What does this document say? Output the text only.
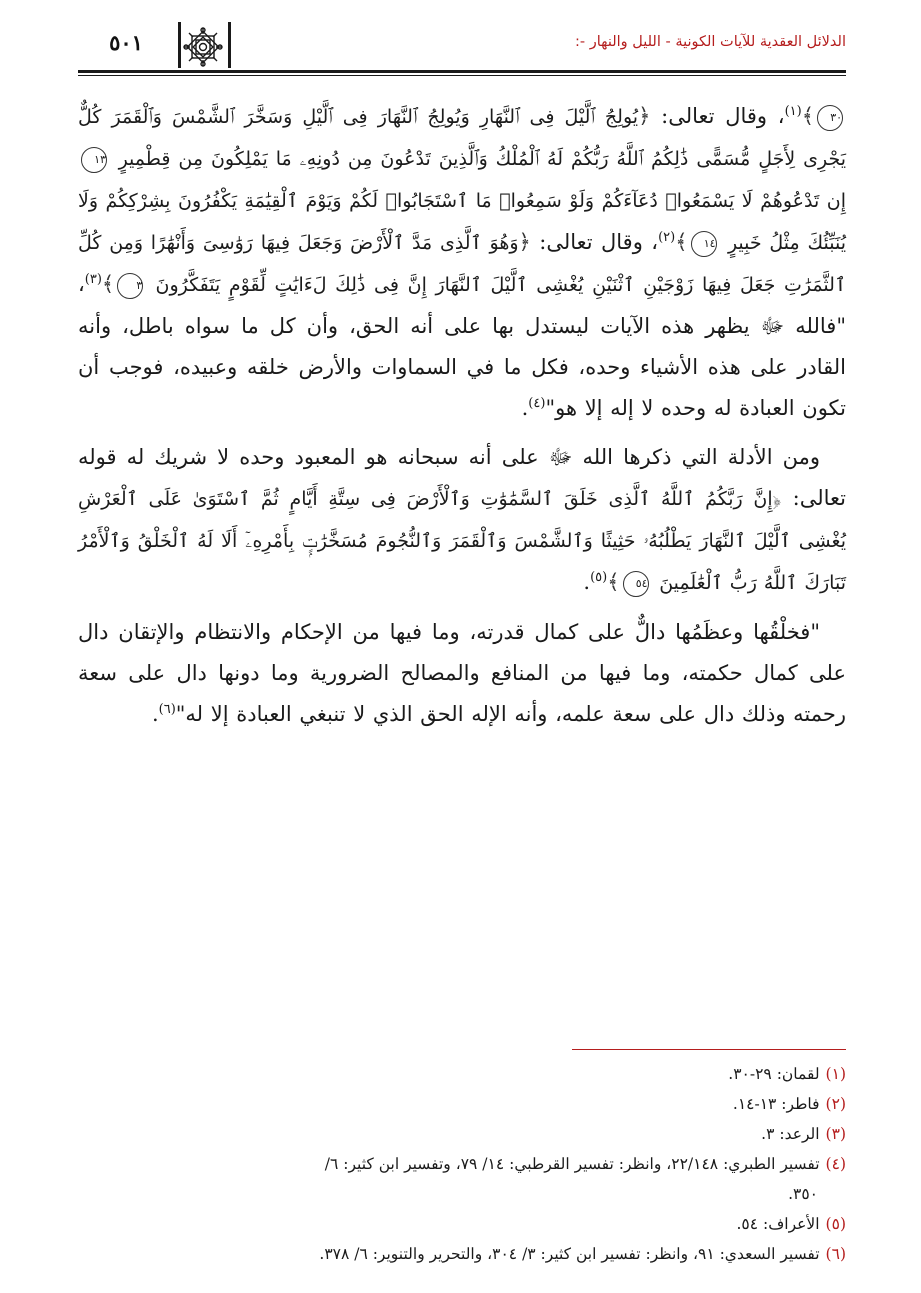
٥٠١	الدلائل العقدية للآيات الكونية - الليل والنهار -:

٣٠﴾$^{(١)}$، وقال تعالى: ﴿يُولِجُ ٱلَّيْلَ فِى ٱلنَّهَارِ وَيُولِجُ ٱلنَّهَارَ فِى ٱلَّيْلِ وَسَخَّرَ ٱلشَّمْسَ وَٱلْقَمَرَ كُلٌّ يَجْرِى لِأَجَلٍ مُّسَمًّى ذَٰلِكُمُ ٱللَّهُ رَبُّكُمْ لَهُ ٱلْمُلْكُ وَٱلَّذِينَ تَدْعُونَ مِن دُونِهِۦ مَا يَمْلِكُونَ مِن قِطْمِيرٍ ١٣ إِن تَدْعُوهُمْ لَا يَسْمَعُوا۟ دُعَآءَكُمْ وَلَوْ سَمِعُوا۟ مَا ٱسْتَجَابُوا۟ لَكُمْ وَيَوْمَ ٱلْقِيَٰمَةِ يَكْفُرُونَ بِشِرْكِكُمْ وَلَا يُنَبِّئُكَ مِثْلُ خَبِيرٍ ١٤﴾$^{(٢)}$، وقال تعالى: ﴿وَهُوَ ٱلَّذِى مَدَّ ٱلْأَرْضَ وَجَعَلَ فِيهَا رَوَٰسِىَ وَأَنْهَٰرًا وَمِن كُلِّ ٱلثَّمَرَٰتِ جَعَلَ فِيهَا زَوْجَيْنِ ٱثْنَيْنِ يُغْشِى ٱلَّيْلَ ٱلنَّهَارَ إِنَّ فِى ذَٰلِكَ لَءَايَٰتٍ لِّقَوْمٍ يَتَفَكَّرُونَ ٣﴾$^{(٣)}$، "فالله ﷻ يظهر هذه الآيات ليستدل بها على أنه الحق، وأن كل ما سواه باطل، وأنه القادر على هذه الأشياء وحده، فكل ما في السماوات والأرض خلقه وعبيده، فوجب أن تكون العبادة له وحده لا إله إلا هو"$^{(٤)}$.

ومن الأدلة التي ذكرها الله ﷻ على أنه سبحانه هو المعبود وحده لا شريك له قوله تعالى: ﴿إِنَّ رَبَّكُمُ ٱللَّهُ ٱلَّذِى خَلَقَ ٱلسَّمَٰوَٰتِ وَٱلْأَرْضَ فِى سِتَّةِ أَيَّامٍ ثُمَّ ٱسْتَوَىٰ عَلَى ٱلْعَرْشِ يُغْشِى ٱلَّيْلَ ٱلنَّهَارَ يَطْلُبُهُۥ حَثِيثًا وَٱلشَّمْسَ وَٱلْقَمَرَ وَٱلنُّجُومَ مُسَخَّرَٰتٍۭ بِأَمْرِهِۦٓ أَلَا لَهُ ٱلْخَلْقُ وَٱلْأَمْرُ تَبَارَكَ ٱللَّهُ رَبُّ ٱلْعَٰلَمِينَ ٥٤﴾$^{(٥)}$.

"فخلْقُها وعظَمُها دالٌّ على كمال قدرته، وما فيها من الإحكام والانتظام والإتقان دال على كمال حكمته، وما فيها من المنافع والمصالح الضرورية وما دونها دال على سعة رحمته وذلك دال على سعة علمه، وأنه الإله الحق الذي لا تنبغي العبادة إلا له"$^{(٦)}$.

(١)لقمان: ٢٩-٣٠.

(٢)فاطر: ١٣-١٤.

(٣)الرعد: ٣.

(٤)تفسير الطبري: ٢٢/١٤٨، وانظر: تفسير القرطبي: ١٤/ ٧٩، وتفسير ابن كثير: ٦/

٣٥٠.

(٥)الأعراف: ٥٤.

(٦)تفسير السعدي: ٩١، وانظر: تفسير ابن كثير: ٣/ ٣٠٤، والتحرير والتنوير: ٦/ ٣٧٨.
